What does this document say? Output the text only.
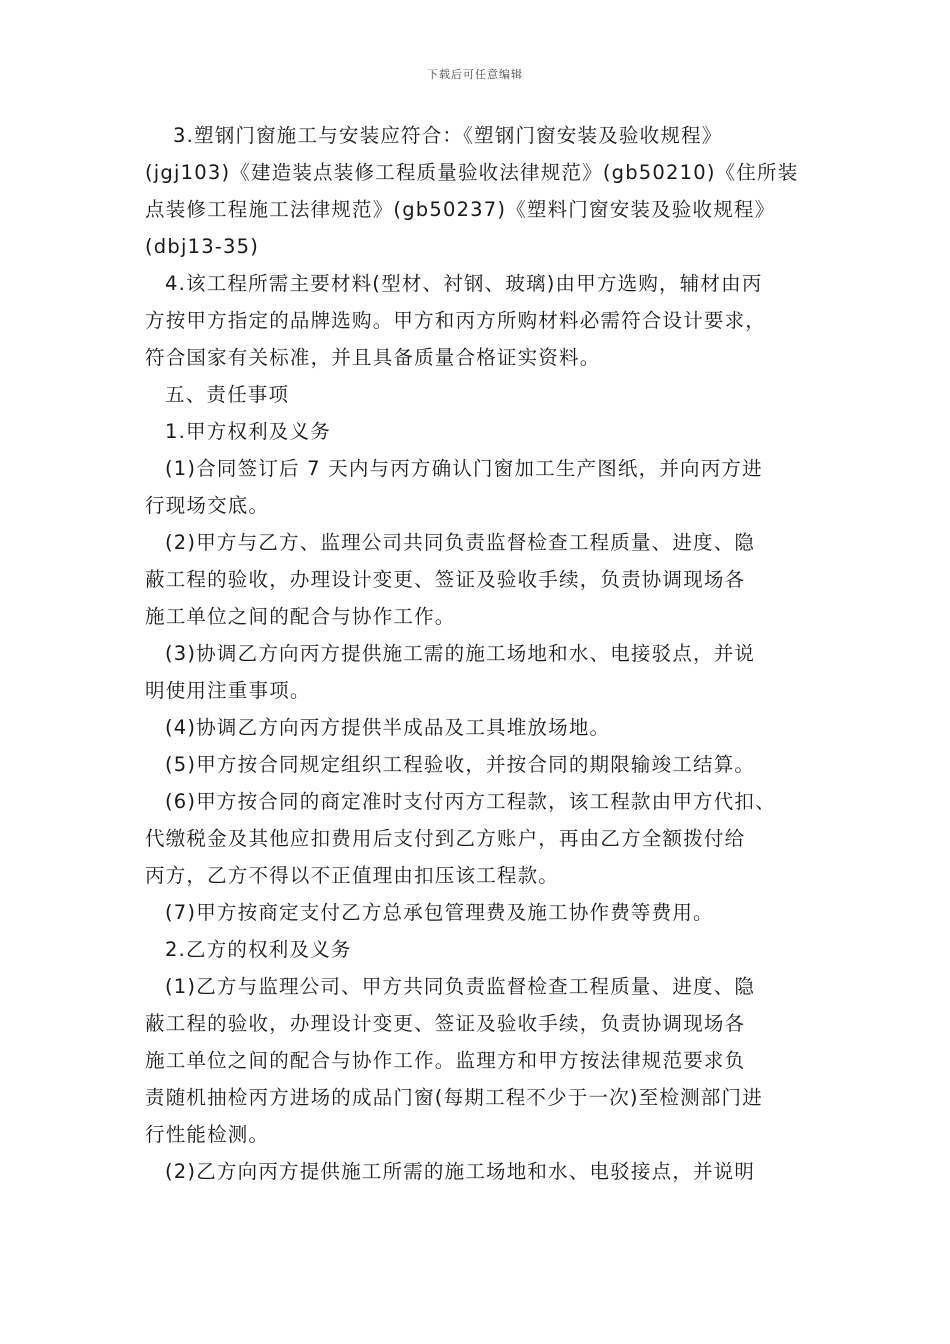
下载后可任意编辑
3.塑钢门窗施工与安装应符合：《塑钢门窗安装及验收规程》
(jgj103)《建造装点装修工程质量验收法律规范》(gb50210)《住所装
点装修工程施工法律规范》(gb50237)《塑料门窗安装及验收规程》
(dbj13-35)
4.该工程所需主要材料(型材、衬钢、玻璃)由甲方选购，辅材由丙
方按甲方指定的品牌选购。甲方和丙方所购材料必需符合设计要求，
符合国家有关标准，并且具备质量合格证实资料。
五、责任事项
1.甲方权利及义务
(1)合同签订后 7 天内与丙方确认门窗加工生产图纸，并向丙方进
行现场交底。
(2)甲方与乙方、监理公司共同负责监督检查工程质量、进度、隐
蔽工程的验收，办理设计变更、签证及验收手续，负责协调现场各
施工单位之间的配合与协作工作。
(3)协调乙方向丙方提供施工需的施工场地和水、电接驳点，并说
明使用注重事项。
(4)协调乙方向丙方提供半成品及工具堆放场地。
(5)甲方按合同规定组织工程验收，并按合同的期限输竣工结算。
(6)甲方按合同的商定准时支付丙方工程款，该工程款由甲方代扣、
代缴税金及其他应扣费用后支付到乙方账户，再由乙方全额拨付给
丙方，乙方不得以不正值理由扣压该工程款。
(7)甲方按商定支付乙方总承包管理费及施工协作费等费用。
2.乙方的权利及义务
(1)乙方与监理公司、甲方共同负责监督检查工程质量、进度、隐
蔽工程的验收，办理设计变更、签证及验收手续，负责协调现场各
施工单位之间的配合与协作工作。监理方和甲方按法律规范要求负
责随机抽检丙方进场的成品门窗(每期工程不少于一次)至检测部门进
行性能检测。
(2)乙方向丙方提供施工所需的施工场地和水、电驳接点，并说明
